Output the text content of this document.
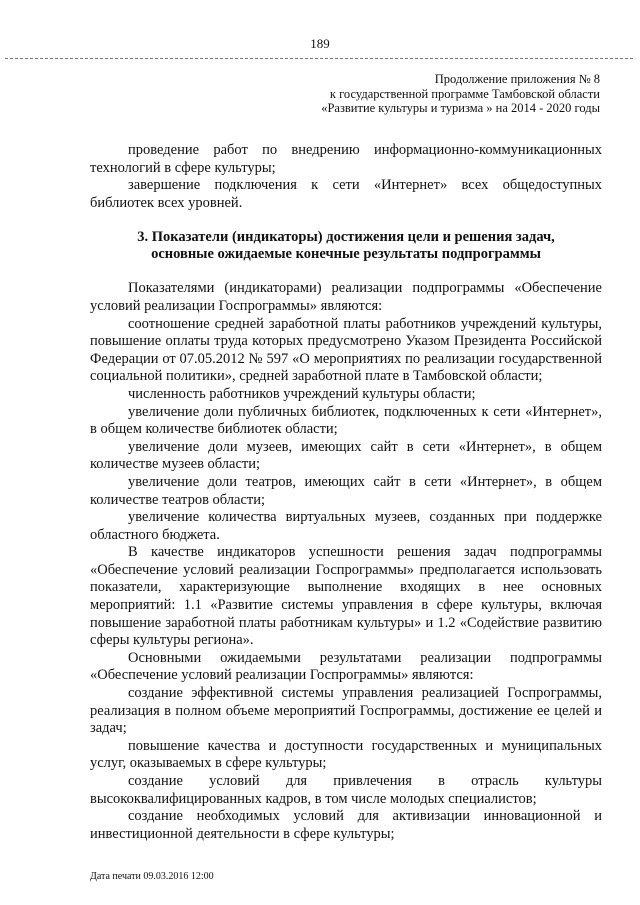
189
Продолжение приложения № 8
к государственной программе Тамбовской области
«Развитие культуры и туризма » на 2014 - 2020 годы

проведение работ по внедрению информационно-коммуникационных технологий в сфере культуры;

завершение подключения к сети «Интернет» всех общедоступных библиотек всех уровней.

3. Показатели (индикаторы) достижения цели и решения задач,
основные ожидаемые конечные результаты подпрограммы

Показателями (индикаторами) реализации подпрограммы «Обеспечение условий реализации Госпрограммы» являются:

соотношение средней заработной платы работников учреждений культуры, повышение оплаты труда которых предусмотрено Указом Президента Российской Федерации от 07.05.2012 № 597 «О мероприятиях по реализации государственной социальной политики», средней заработной плате в Тамбовской области;

численность работников учреждений культуры области;

увеличение доли публичных библиотек, подключенных к сети «Интернет», в общем количестве библиотек области;

увеличение доли музеев, имеющих сайт в сети «Интернет», в общем количестве музеев области;

увеличение доли театров, имеющих сайт в сети «Интернет», в общем количестве театров области;

увеличение количества виртуальных музеев, созданных при поддержке областного бюджета.

В качестве индикаторов успешности решения задач подпрограммы «Обеспечение условий реализации Госпрограммы» предполагается использовать показатели, характеризующие выполнение входящих в нее основных мероприятий: 1.1 «Развитие системы управления в сфере культуры, включая повышение заработной платы работникам культуры» и 1.2 «Содействие развитию сферы культуры региона».

Основными ожидаемыми результатами реализации подпрограммы «Обеспечение условий реализации Госпрограммы» являются:

создание эффективной системы управления реализацией Госпрограммы, реализация в полном объеме мероприятий Госпрограммы, достижение ее целей и задач;

повышение качества и доступности государственных и муниципальных услуг, оказываемых в сфере культуры;

создание условий для привлечения в отрасль культуры высококвалифицированных кадров, в том числе молодых специалистов;

создание необходимых условий для активизации инновационной и инвестиционной деятельности в сфере культуры;

Дата печати 09.03.2016 12:00
